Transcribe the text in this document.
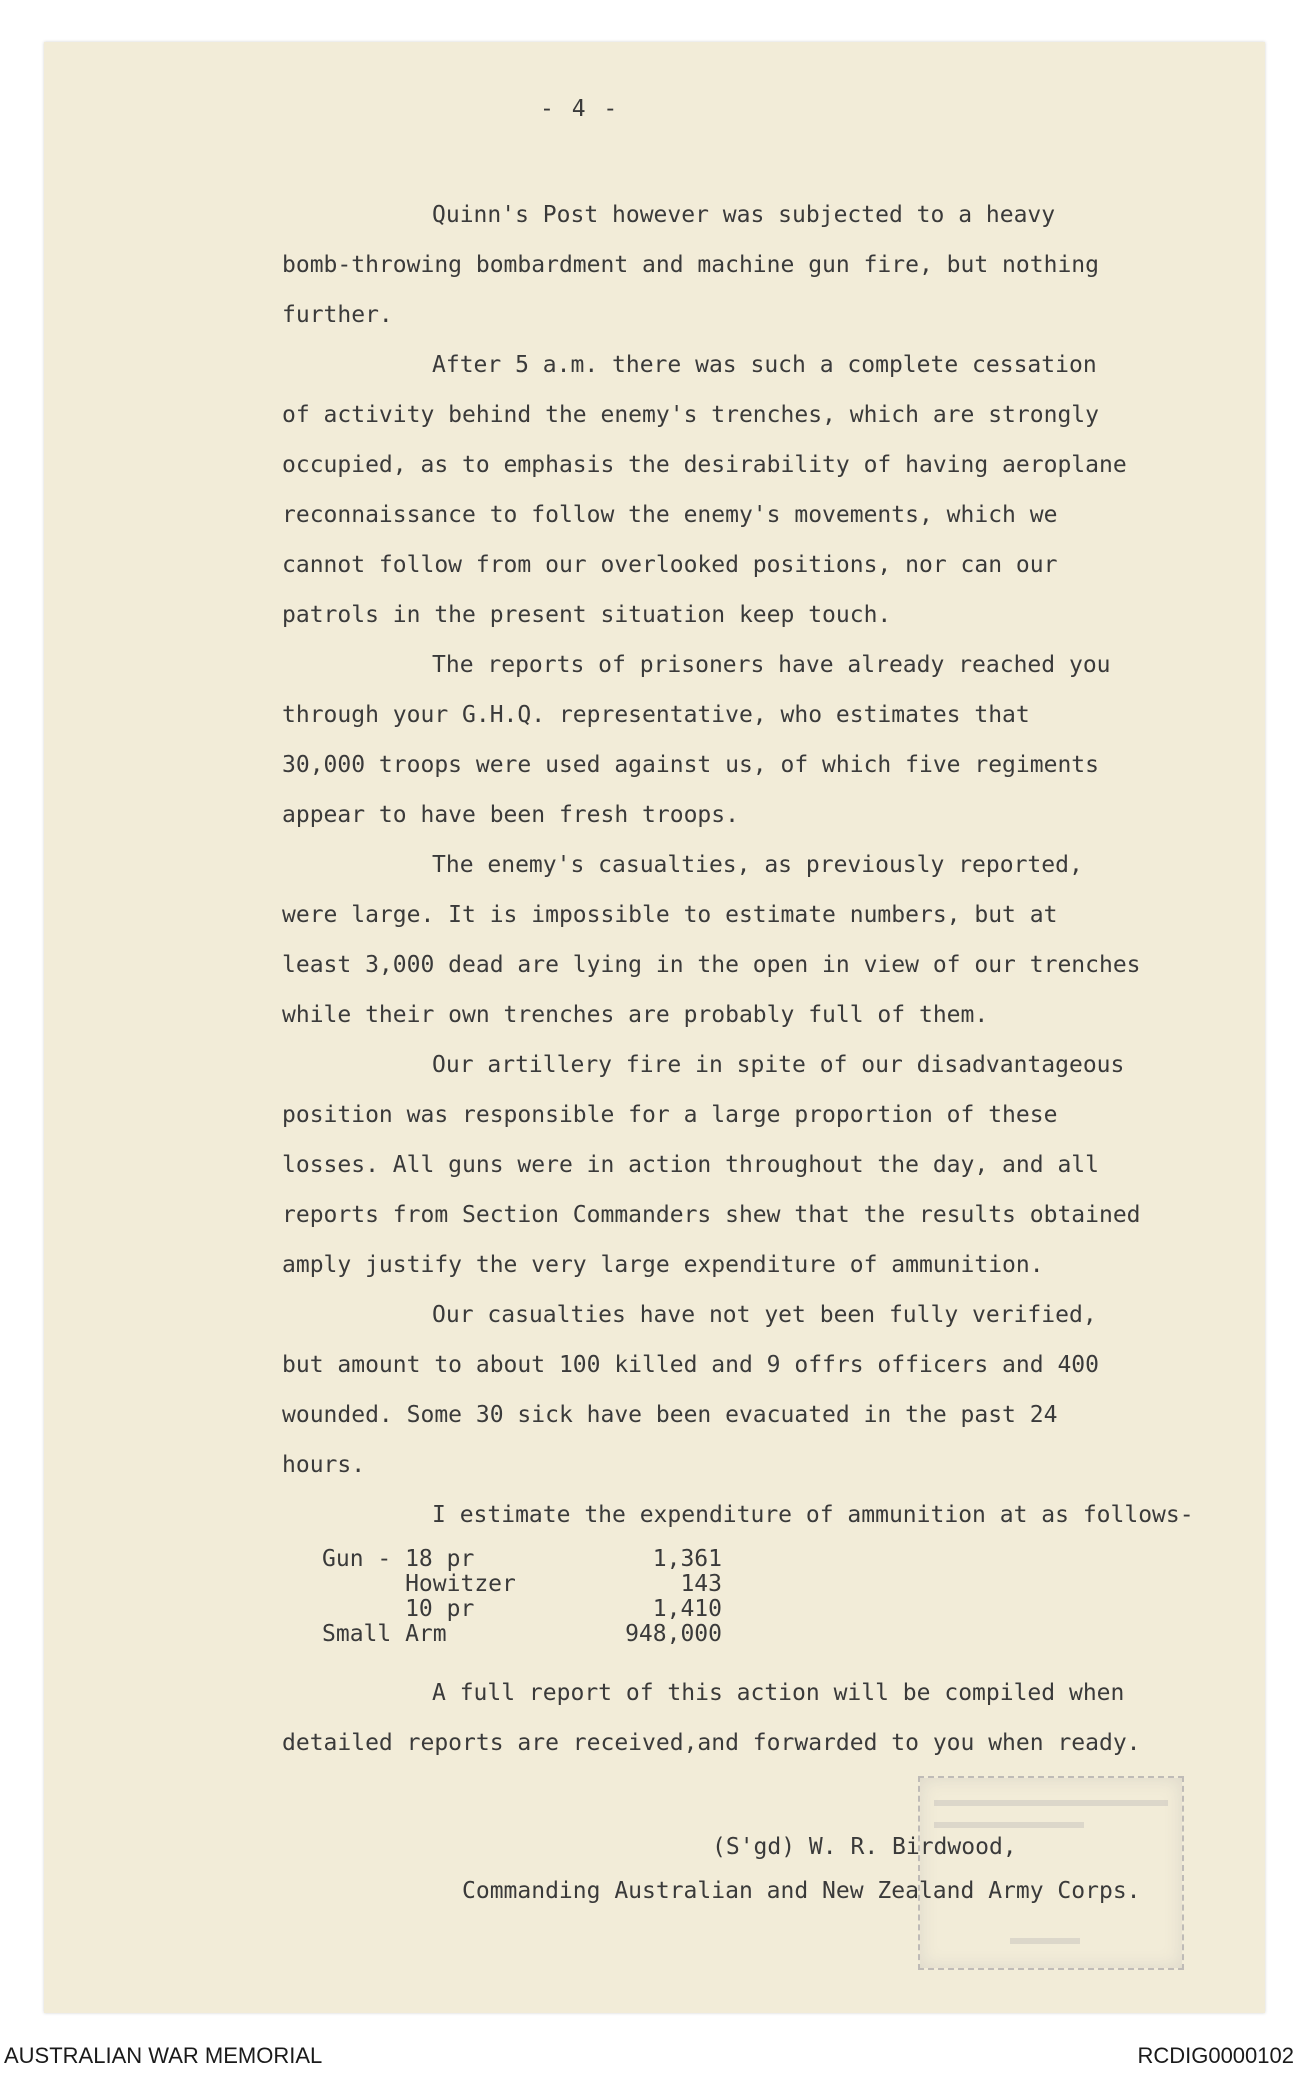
- 4 -
Quinn's Post however was subjected to a heavy
bomb-throwing bombardment and machine gun fire, but nothing
further.
After 5 a.m. there was such a complete cessation
of activity behind the enemy's trenches, which are strongly
occupied, as to emphasis the desirability of having aeroplane
reconnaissance to follow the enemy's movements, which we
cannot follow from our overlooked positions, nor can our
patrols in the present situation keep touch.
The reports of prisoners have already reached you
through your G.H.Q. representative, who estimates that
30,000 troops were used against us, of which five regiments
appear to have been fresh troops.
The enemy's casualties, as previously reported,
were large. It is impossible to estimate numbers, but at
least 3,000 dead are lying in the open in view of our trenches
while their own trenches are probably full of them.
Our artillery fire in spite of our disadvantageous
position was responsible for a large proportion of these
losses. All guns were in action throughout the day, and all
reports from Section Commanders shew that the results obtained
amply justify the very large expenditure of ammunition.
Our casualties have not yet been fully verified,
but amount to about 100 killed and 9 offrs officers and 400
wounded. Some 30 sick have been evacuated in the past 24
hours.
I estimate the expenditure of ammunition at as follows-
Gun - 18 pr	1,361
Howitzer	143
10 pr	1,410
Small Arm	948,000
A full report of this action will be compiled when
detailed reports are received,and forwarded to you when ready.
(S'gd) W. R. Birdwood,
Commanding Australian and New Zealand Army Corps.
AUSTRALIAN WAR MEMORIAL	RCDIG0000102
